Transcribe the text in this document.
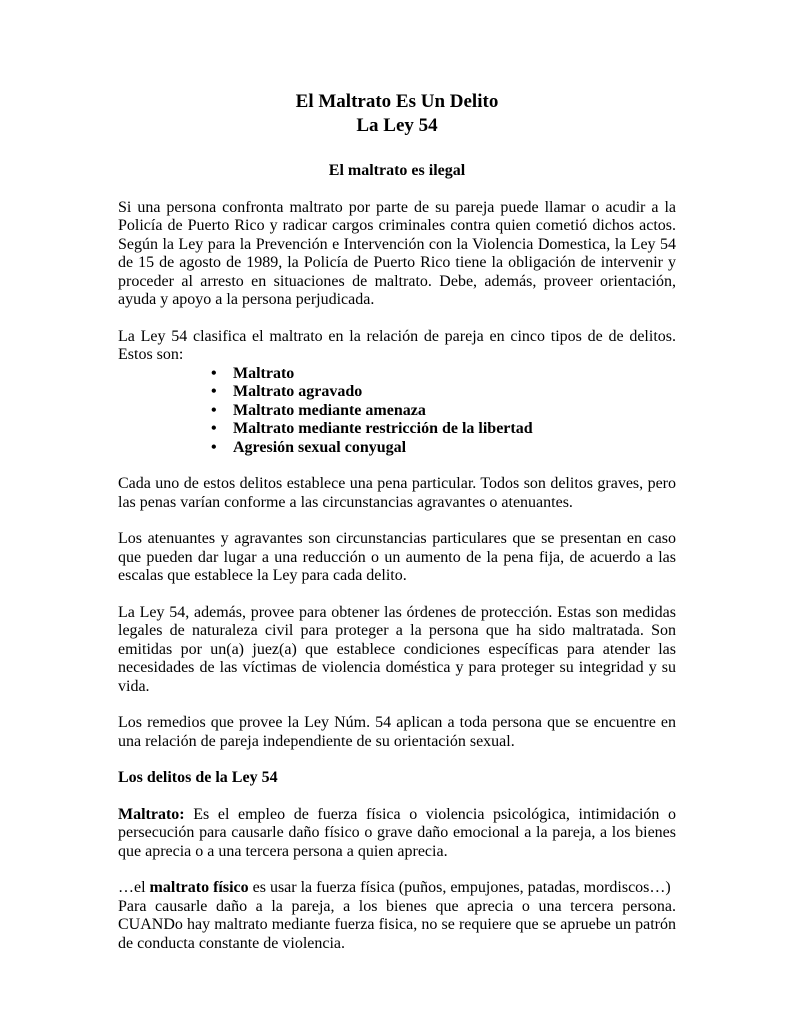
El Maltrato Es Un Delito
La Ley 54
El maltrato es ilegal

Si una persona confronta maltrato por parte de su pareja puede llamar o acudir a la Policía de Puerto Rico y radicar cargos criminales contra quien cometió dichos actos. Según la Ley para la Prevención e Intervención con la Violencia Domestica, la Ley 54 de 15 de agosto de 1989, la Policía de Puerto Rico tiene la obligación de intervenir y proceder al arresto en situaciones de maltrato. Debe, además, proveer orientación, ayuda y apoyo a la persona perjudicada.

La Ley 54 clasifica el maltrato en la relación de pareja en cinco tipos de de delitos. Estos son:

• Maltrato
• Maltrato agravado
• Maltrato mediante amenaza
• Maltrato mediante restricción de la libertad
• Agresión sexual conyugal

Cada uno de estos delitos establece una pena particular. Todos son delitos graves, pero las penas varían conforme a las circunstancias agravantes o atenuantes.

Los atenuantes y agravantes son circunstancias particulares que se presentan en caso que pueden dar lugar a una reducción o un aumento de la pena fija, de acuerdo a las escalas que establece la Ley para cada delito.

La Ley 54, además, provee para obtener las órdenes de protección. Estas son medidas legales de naturaleza civil para proteger a la persona que ha sido maltratada. Son emitidas por un(a) juez(a) que establece condiciones específicas para atender las necesidades de las víctimas de violencia doméstica y para proteger su integridad y su vida.

Los remedios que provee la Ley Núm. 54 aplican a toda persona que se encuentre en una relación de pareja independiente de su orientación sexual.

Los delitos de la Ley 54

Maltrato: Es el empleo de fuerza física o violencia psicológica, intimidación o persecución para causarle daño físico o grave daño emocional a la pareja, a los bienes que aprecia o a una tercera persona a quien aprecia.

…el maltrato físico es usar la fuerza física (puños, empujones, patadas, mordiscos…)
Para causarle daño a la pareja, a los bienes que aprecia o una tercera persona. CUANDo hay maltrato mediante fuerza fisica, no se requiere que se apruebe un patrón de conducta constante de violencia.
